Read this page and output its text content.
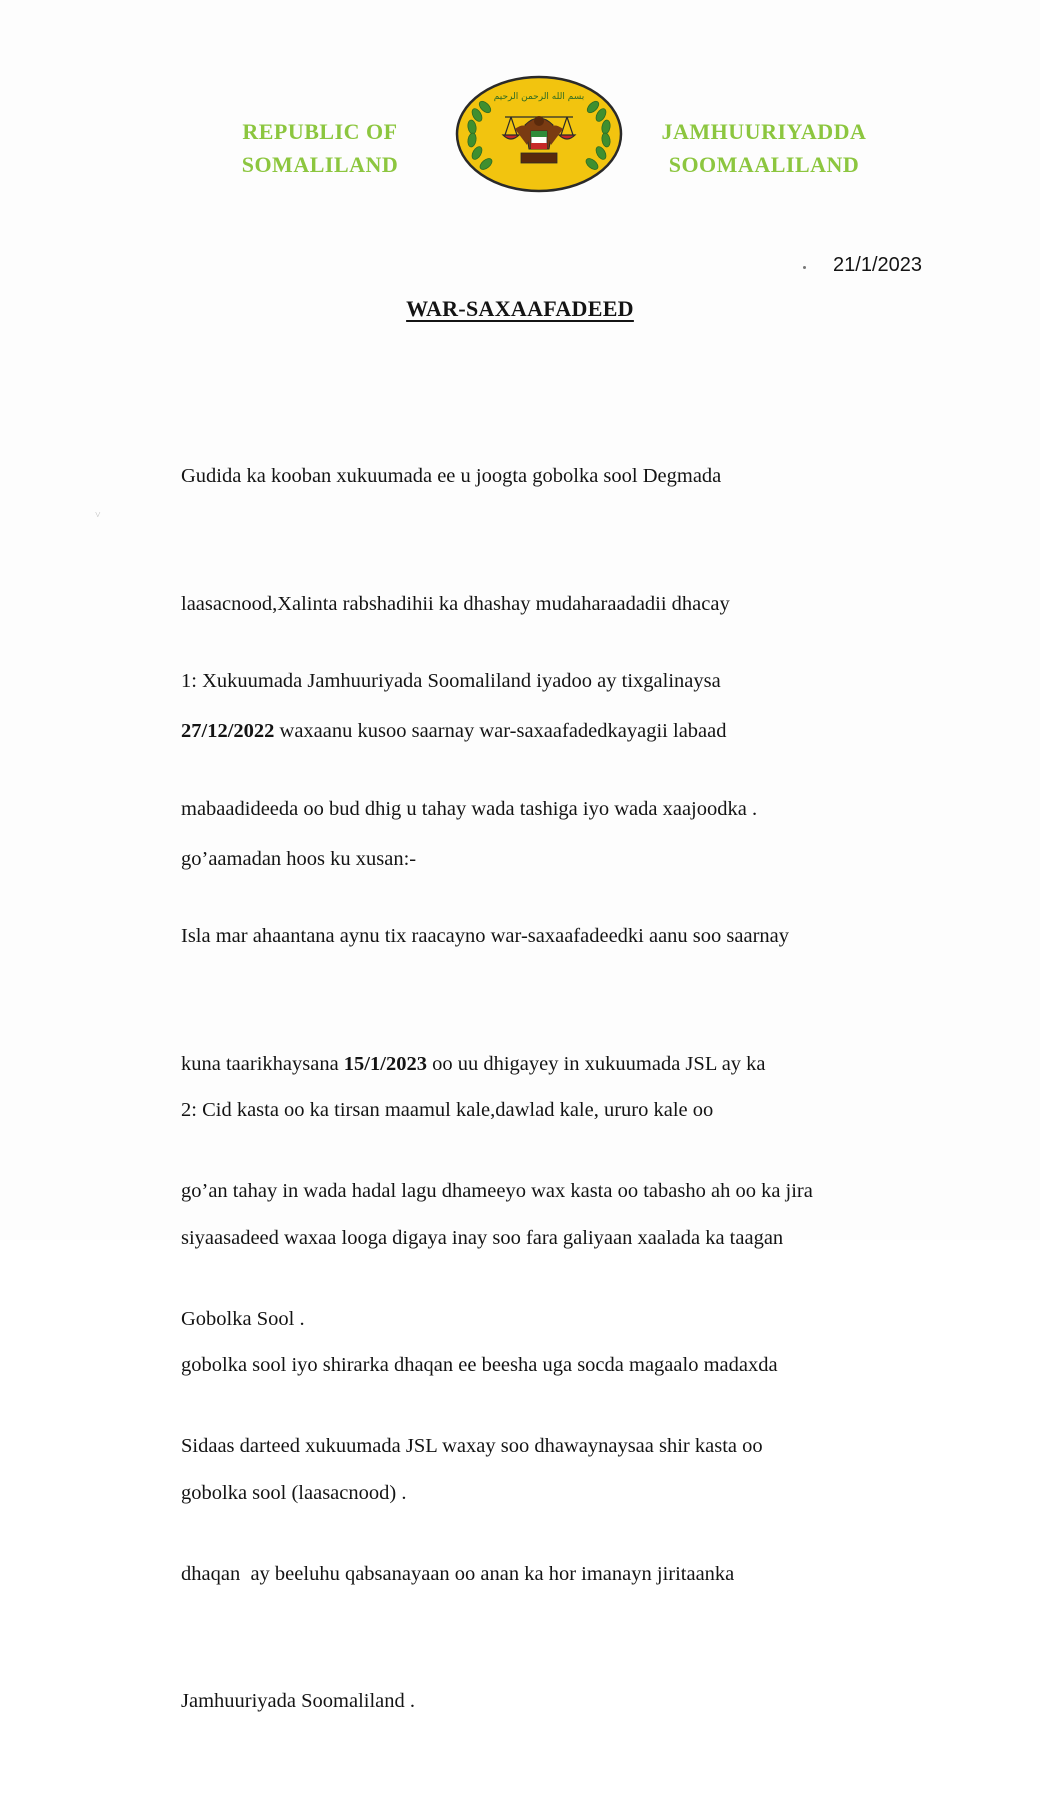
REPUBLIC OF
SOMALILAND
بسم الله الرحمن الرحيم
JAMHUURIYADDA
SOOMAALILAND
21/1/2023
WAR-SAXAAFADEED
˅

Gudida ka kooban xukuumada ee u joogta gobolka sool Degmada

laasacnood,Xalinta rabshadihii ka dhashay mudaharaadadii dhacay

27/12/2022 waxaanu kusoo saarnay war-saxaafadedkayagii labaad

go’aamadan hoos ku xusan:-

1: Xukuumada Jamhuuriyada Soomaliland iyadoo ay tixgalinaysa

mabaadideeda oo bud dhig u tahay wada tashiga iyo wada xaajoodka .

Isla mar ahaantana aynu tix raacayno war-saxaafadeedki aanu soo saarnay

kuna taarikhaysana 15/1/2023 oo uu dhigayey in xukuumada JSL ay ka

go’an tahay in wada hadal lagu dhameeyo wax kasta oo tabasho ah oo ka jira

Gobolka Sool .

Sidaas darteed xukuumada JSL waxay soo dhawaynaysaa shir kasta oo

dhaqan  ay beeluhu qabsanayaan oo anan ka hor imanayn jiritaanka

Jamhuuriyada Soomaliland .

2: Cid kasta oo ka tirsan maamul kale,dawlad kale, ururo kale oo

siyaasadeed waxaa looga digaya inay soo fara galiyaan xaalada ka taagan

gobolka sool iyo shirarka dhaqan ee beesha uga socda magaalo madaxda

gobolka sool (laasacnood) .
